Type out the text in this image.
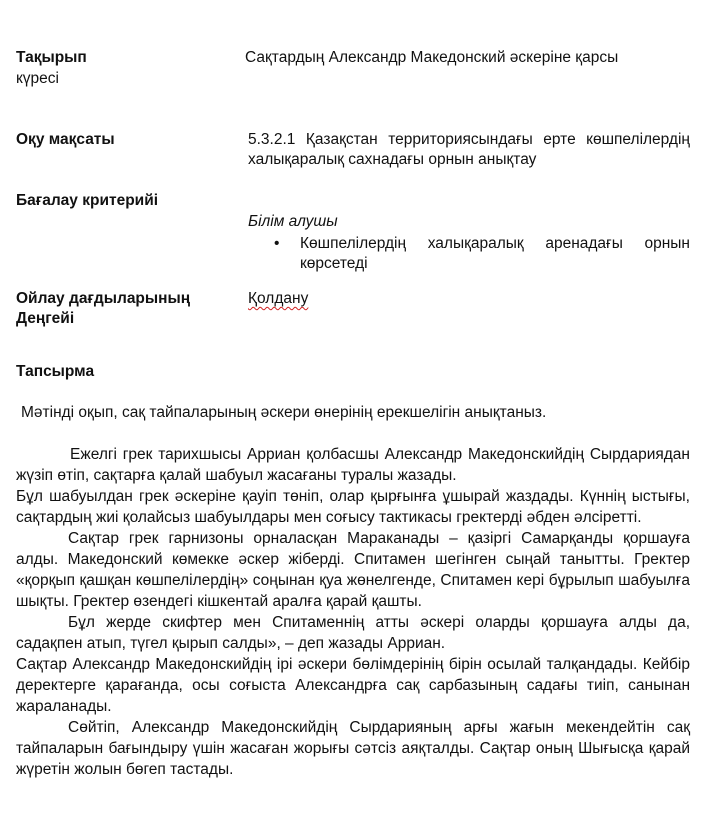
Тақырып	Сақтардың Александр Македонский әскеріне қарсы
күресі
Оқу мақсаты	5.3.2.1 Қазақстан территориясындағы ерте көшпелілердің халықаралық сахнадағы орнын анықтау
Бағалау критерийі
Білім алушы
• Көшпелілердің халықаралық аренадағы орнын көрсетеді
Ойлау дағдыларының Деңгейі
Қолдану
Тапсырма
Мәтінді оқып, сақ тайпаларының әскери өнерінің ерекшелігін анықтаныз.

Ежелгі грек тарихшысы Арриан қолбасшы Александр Македонскийдің Сырдариядан жүзіп өтіп, сақтарға қалай шабуыл жасағаны туралы жазады.

Бұл шабуылдан грек әскеріне қауіп төніп, олар қырғынға ұшырай жаздады. Күннің ыстығы, сақтардың жиі қолайсыз шабуылдары мен соғысу тактикасы гректерді әбден әлсіретті.

Сақтар грек гарнизоны орналасқан Мараканады – қазіргі Самарқанды қоршауға алды. Македонский көмекке әскер жіберді. Спитамен шегінген сыңай танытты. Гректер «қорқып қашқан көшпелілердің» соңынан қуа жөнелгенде, Спитамен кері бұрылып шабуылға шықты. Гректер өзендегі кішкентай аралға қарай қашты.

Бұл жерде скифтер мен Спитаменнің атты әскері оларды қоршауға алды да, садақпен атып, түгел қырып салды», – деп жазады Арриан.

Сақтар Александр Македонскийдің ірі әскери бөлімдерінің бірін осылай талқандады. Кейбір деректерге қарағанда, осы соғыста Александрға сақ сарбазының садағы тиіп, санынан жараланады.

Сөйтіп, Александр Македонскийдің Сырдарияның арғы жағын мекендейтін сақ тайпаларын бағындыру үшін жасаған жорығы сәтсіз аяқталды. Сақтар оның Шығысқа қарай жүретін жолын бөгеп тастады.
